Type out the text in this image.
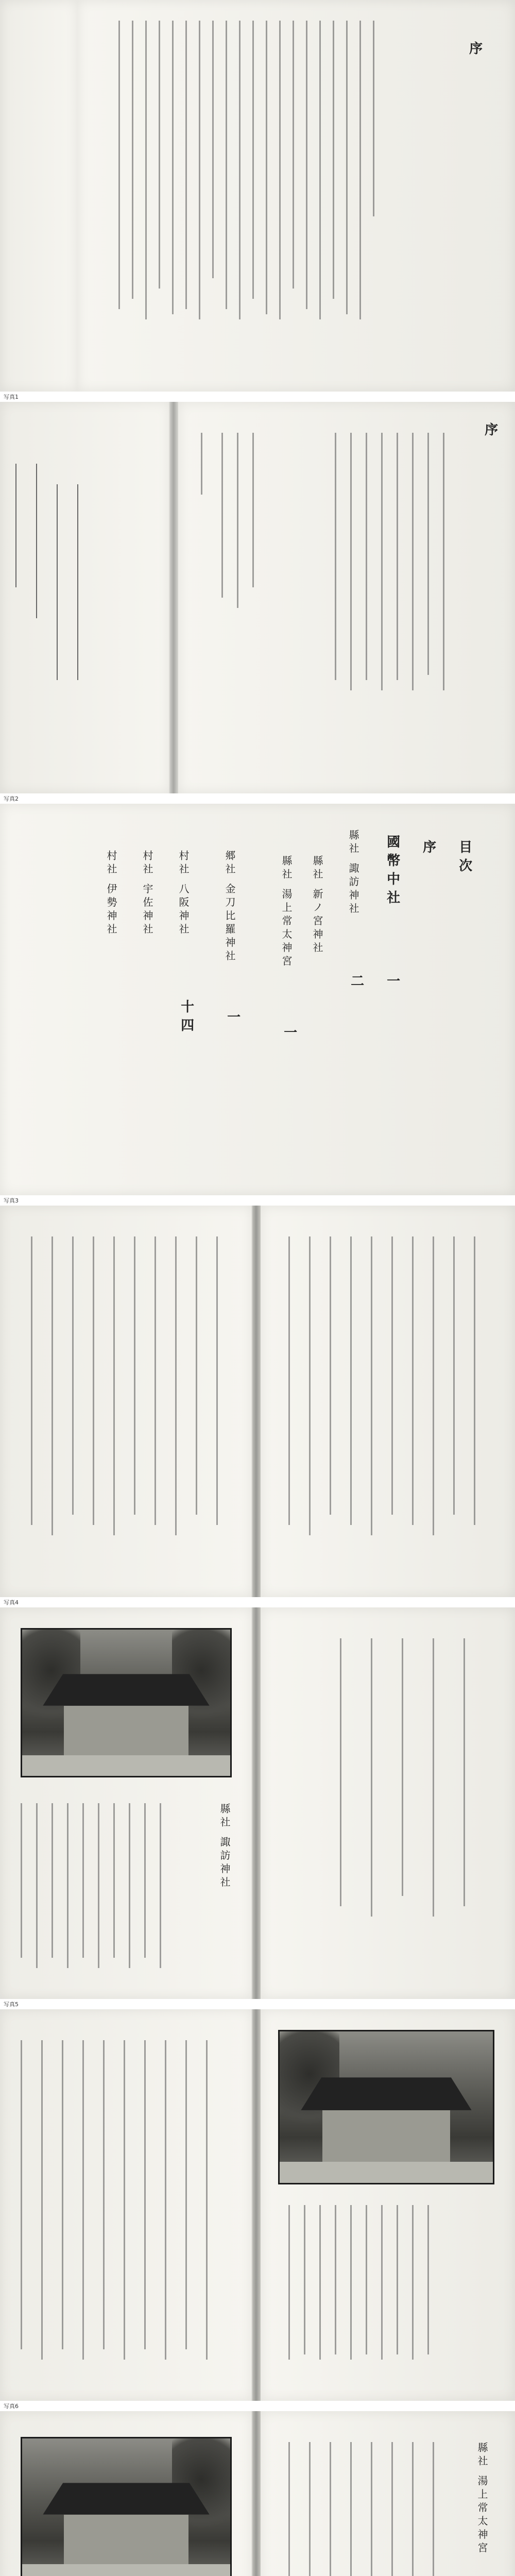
序
写真1
序
写真2
目次
序
國幣中社
一
縣社 諏訪神社
二
縣社 新ノ宮神社
縣社 湯上常太神宮
一
郷社 金刀比羅神社
一
村社 八阪神社
十四
村社 宇佐神社
村社 伊勢神社
写真3
写真4
縣社 諏訪神社
写真5
写真6
縣社 湯上常太神宮
